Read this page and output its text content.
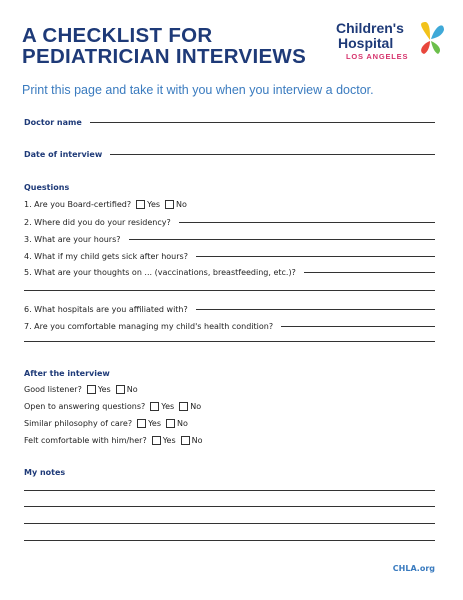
A CHECKLIST FOR
PEDIATRICIAN INTERVIEWS
Children's
Hospital
LOS ANGELES
Print this page and take it with you when you interview a doctor.
Doctor name
Date of interview
Questions
1. Are you Board-certified? Yes No
2. Where did you do your residency?
3. What are your hours?
4. What if my child gets sick after hours?
5. What are your thoughts on ... (vaccinations, breastfeeding, etc.)?
6. What hospitals are you affiliated with?
7. Are you comfortable managing my child's health condition?
After the interview
Good listener? Yes No
Open to answering questions? Yes No
Similar philosophy of care? Yes No
Felt comfortable with him/her? Yes No
My notes
CHLA.org
